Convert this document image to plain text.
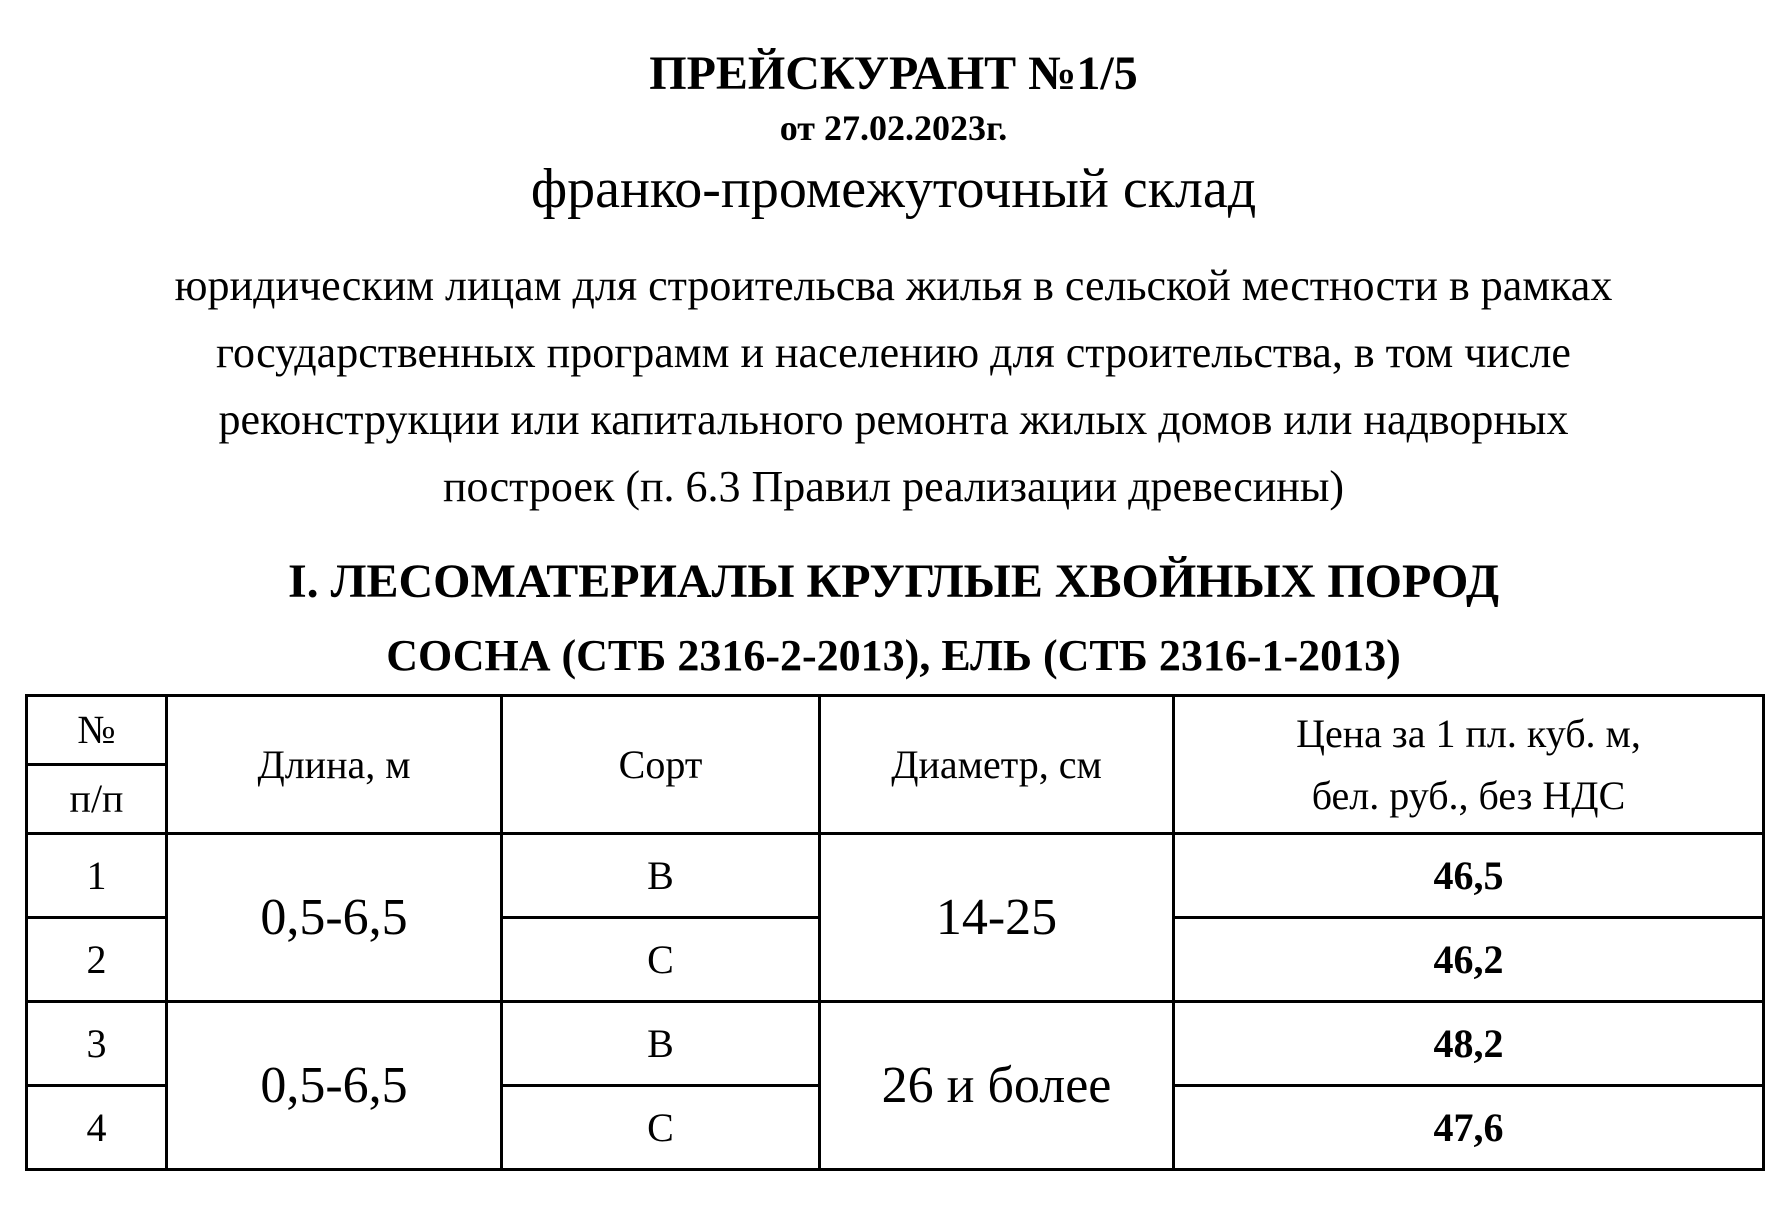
ПРЕЙСКУРАНТ №1/5
от 27.02.2023г.
франко-промежуточный склад
юридическим лицам для строительсва жилья в сельской местности в рамках
государственных программ и населению для строительства, в том числе
реконструкции или капитального ремонта жилых домов или надворных
построек (п. 6.3 Правил реализации древесины)
I. ЛЕСОМАТЕРИАЛЫ КРУГЛЫЕ ХВОЙНЫХ ПОРОД
СОСНА (СТБ 2316-2-2013), ЕЛЬ (СТБ 2316-1-2013)
№	Длина, м	Сорт	Диаметр, см	Цена за 1 пл. куб. м,
бел. руб., без НДС

п/п				
1	0,5-6,5	В	14-25	46,5
2		С		46,2
3	0,5-6,5	В	26 и более	48,2
4		С		47,6
